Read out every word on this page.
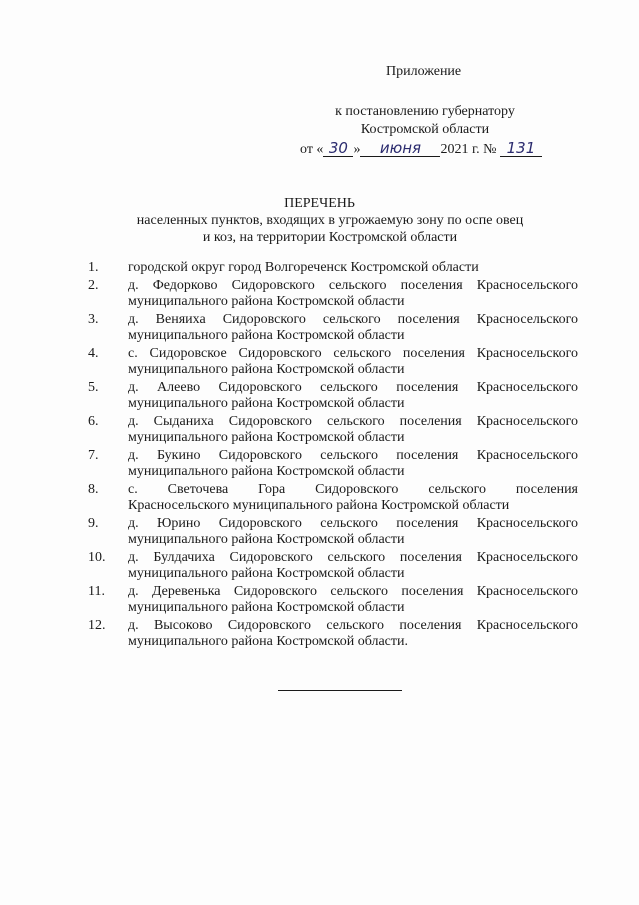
Приложение
к постановлению губернатору
Костромской области
от « 30 » июня 2021 г. № 131
ПЕРЕЧЕНЬ
населенных пунктов, входящих в угрожаемую зону по оспе овец
и коз, на территории Костромской области
1.	городской округ город Волгореченск Костромской области
2.	д. Федорково Сидоровского сельского поселения Красносельского
муниципального района Костромской области
3.	д. Веняиха Сидоровского сельского поселения Красносельского
муниципального района Костромской области
4.	с. Сидоровское Сидоровского сельского поселения Красносельского
муниципального района Костромской области
5.	д. Алеево Сидоровского сельского поселения Красносельского
муниципального района Костромской области
6.	д. Сыданиха Сидоровского сельского поселения Красносельского
муниципального района Костромской области
7.	д. Букино Сидоровского сельского поселения Красносельского
муниципального района Костромской области
8.	с. Светочева Гора Сидоровского сельского поселения
Красносельского муниципального района Костромской области
9.	д. Юрино Сидоровского сельского поселения Красносельского
муниципального района Костромской области
10.	д. Булдачиха Сидоровского сельского поселения Красносельского
муниципального района Костромской области
11.	д. Деревенька Сидоровского сельского поселения Красносельского
муниципального района Костромской области
12.	д. Высоково Сидоровского сельского поселения Красносельского
муниципального района Костромской области.
